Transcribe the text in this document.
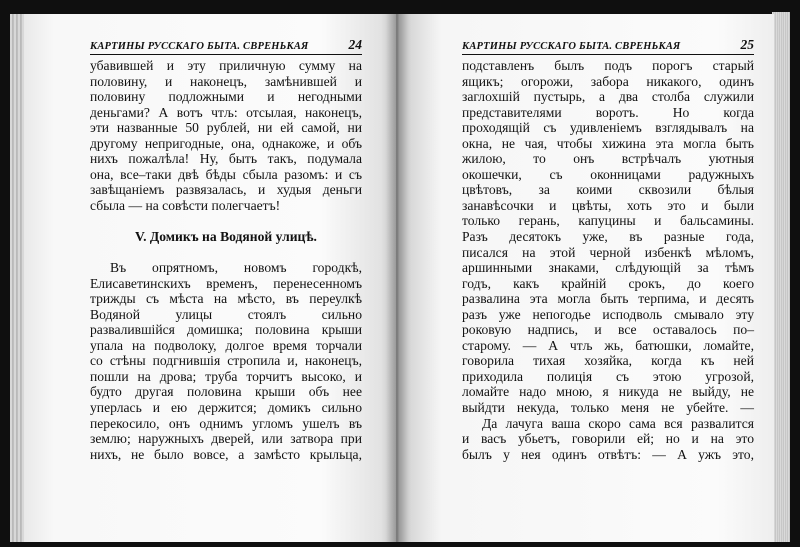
КАРТИНЫ РУССКАГО БЫТА. СВРЕНЬКАЯ	24
убавившей и эту приличную сумму на
половину, и наконецъ, замѣнившей и
половину подложными и негодными
деньгами? А вотъ чтљ: отсылая, наконецъ,
эти названные 50 рублей, ни ей самой, ни
другому непригодные, она, однакоже, и объ
нихъ пожалѣла! Ну, быть такъ, подумала
она, все–таки двѣ бѣды сбыла разомъ: и съ
завѣщаніемъ развязалась, и худыя деньги
сбыла — на совѣсти полегчаетъ!
V. Домикъ на Водяной улицѣ.
Въ опрятномъ, новомъ городкѣ,
Елисаветинскихъ временъ, перенесенномъ
трижды съ мѣста на мѣсто, въ переулкѣ
Водяной улицы стоялъ сильно
развалившійся домишка; половина крыши
упала на подволоку, долгое время торчали
со стѣны подгнившія стропила и, наконецъ,
пошли на дрова; труба торчитъ высоко, и
будто другая половина крыши объ нее
уперлась и ею держится; домикъ сильно
перекосило, онъ однимъ угломъ ушелъ въ
землю; наружныхъ дверей, или затвора при
нихъ, не было вовсе, а замѣсто крыльца,
КАРТИНЫ РУССКАГО БЫТА. СВРЕНЬКАЯ	25
подставленъ былъ подъ порогъ старый
ящикъ; огорожи, забора никакого, одинъ
заглохшій пустырь, а два столба служили
представителями воротъ. Но когда
проходящій съ удивленіемъ взглядывалъ на
окна, не чая, чтобы хижина эта могла быть
жилою, то онъ встрѣчалъ уютныя
окошечки, съ оконницами радужныхъ
цвѣтовъ, за коими сквозили бѣлыя
занавѣсочки и цвѣты, хоть это и были
только герань, капуцины и бальсамины.
Разъ десятокъ уже, въ разные года,
писался на этой черной избенкѣ мѣломъ,
аршинными знаками, слѣдующій за тѣмъ
годъ, какъ крайній срокъ, до коего
развалина эта могла быть терпима, и десять
разъ уже непогодье исподволь смывало эту
роковую надпись, и все оставалось по–
старому. — А чтљ жь, батюшки, ломайте,
говорила тихая хозяйка, когда къ ней
приходила полиція съ этою угрозой,
ломайте надо мною, я никуда не выйду, не
выйдти некуда, только меня не убейте. —
Да лачуга ваша скоро сама вся развалится
и васъ убьетъ, говорили ей; но и на это
былъ у нея одинъ отвѣтъ: — А ужъ это,
